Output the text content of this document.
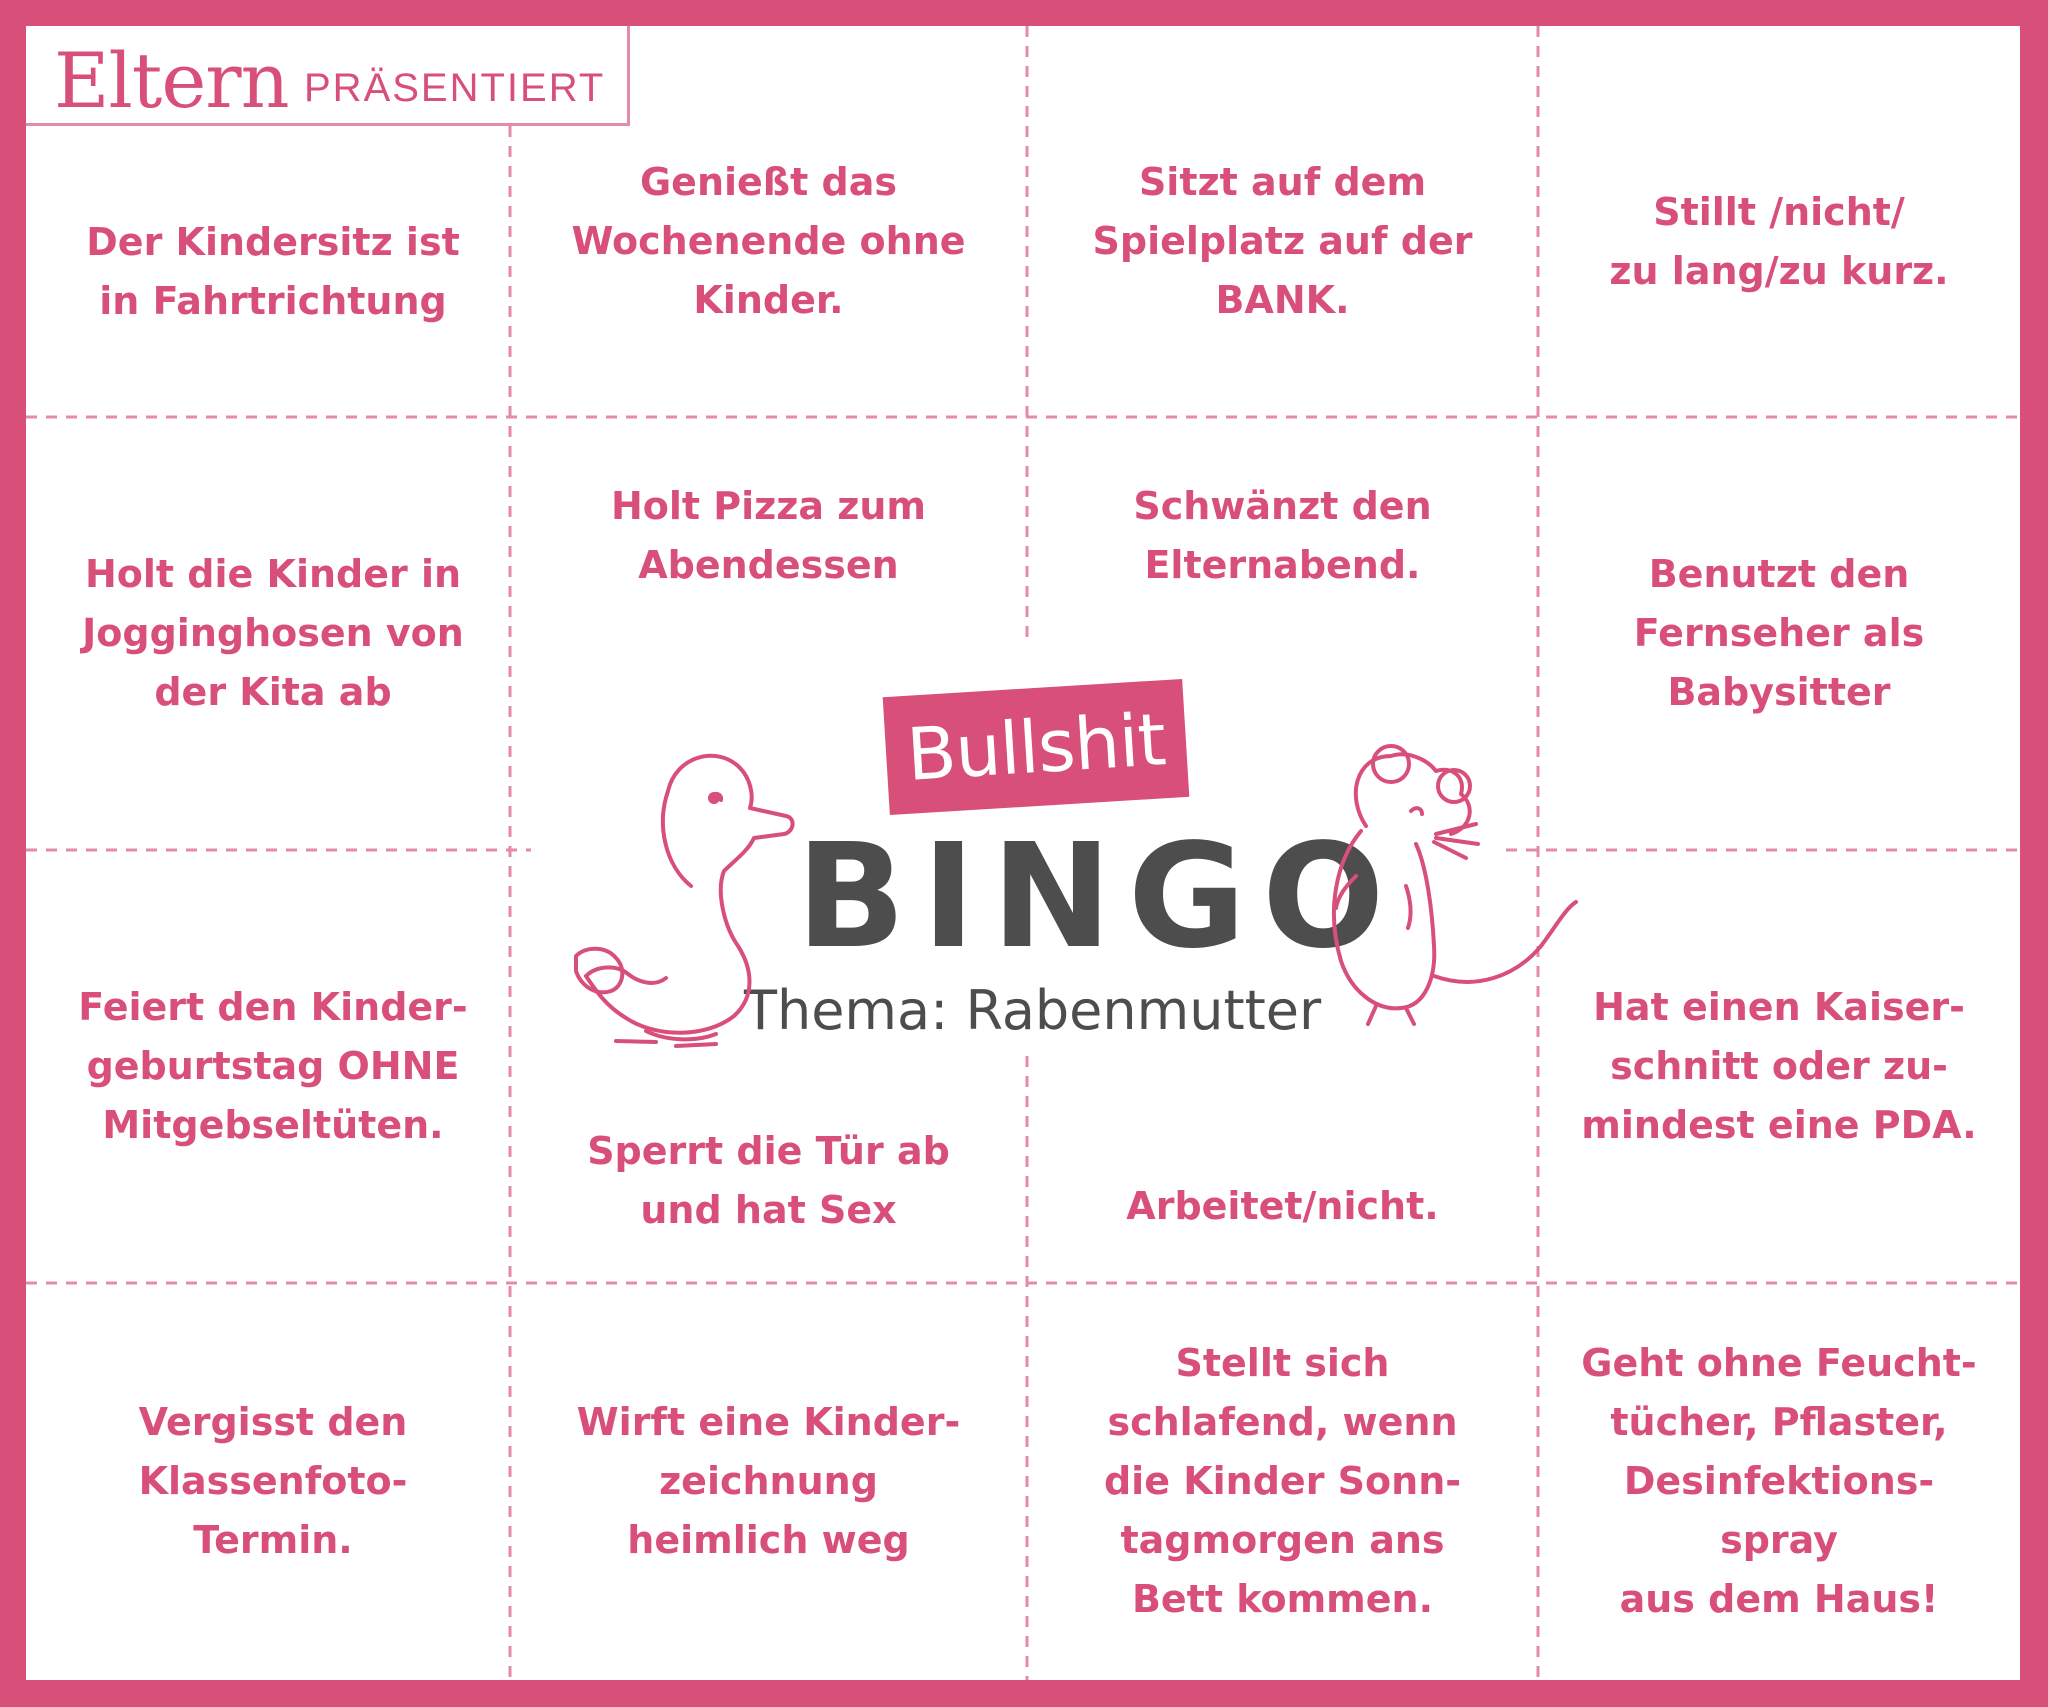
Eltern PRÄSENTIERT
Der Kindersitz ist
in Fahrtrichtung
Genießt das
Wochenende ohne
Kinder.
Sitzt auf dem
Spielplatz auf der
BANK.
Stillt /nicht/
zu lang/zu kurz.
Holt die Kinder in
Jogginghosen von
der Kita ab
Holt Pizza zum
Abendessen
Schwänzt den
Elternabend.	Benutzt den
Fernseher als
Babysitter
Feiert den Kinder-
geburtstag OHNE
Mitgebseltüten.
Sperrt die Tür ab
und hat Sex	Arbeitet/nicht.
Hat einen Kaiser-
schnitt oder zu-
mindest eine PDA.
Vergisst den
Klassenfoto-
Termin.
Wirft eine Kinder-
zeichnung
heimlich weg
Stellt sich
schlafend, wenn
die Kinder Sonn-
tagmorgen ans
Bett kommen.
Geht ohne Feucht-
tücher, Pflaster,
Desinfektions-
spray
aus dem Haus!
Bullshit
BINGO
Thema: Rabenmutter
